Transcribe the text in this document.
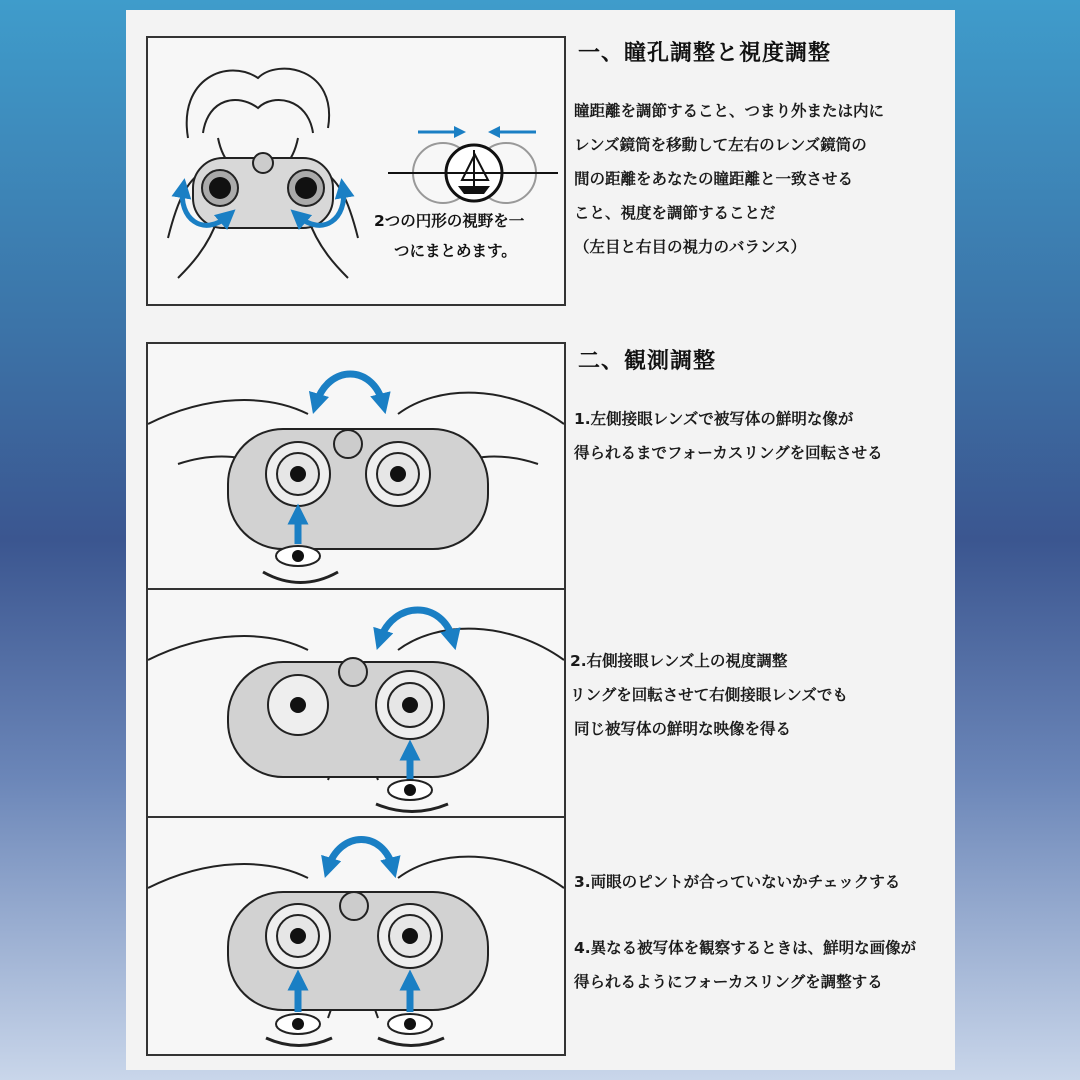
2つの円形の視野を一
つにまとめます。
一、瞳孔調整と視度調整
瞳距離を調節すること、つまり外または内に
レンズ鏡筒を移動して左右のレンズ鏡筒の
間の距離をあなたの瞳距離と一致させる
こと、視度を調節することだ
（左目と右目の視力のバランス）
二、観測調整
1.左側接眼レンズで被写体の鮮明な像が
得られるまでフォーカスリングを回転させる
2.右側接眼レンズ上の視度調整
リングを回転させて右側接眼レンズでも
同じ被写体の鮮明な映像を得る
3.両眼のピントが合っていないかチェックする
4.異なる被写体を観察するときは、鮮明な画像が
得られるようにフォーカスリングを調整する
